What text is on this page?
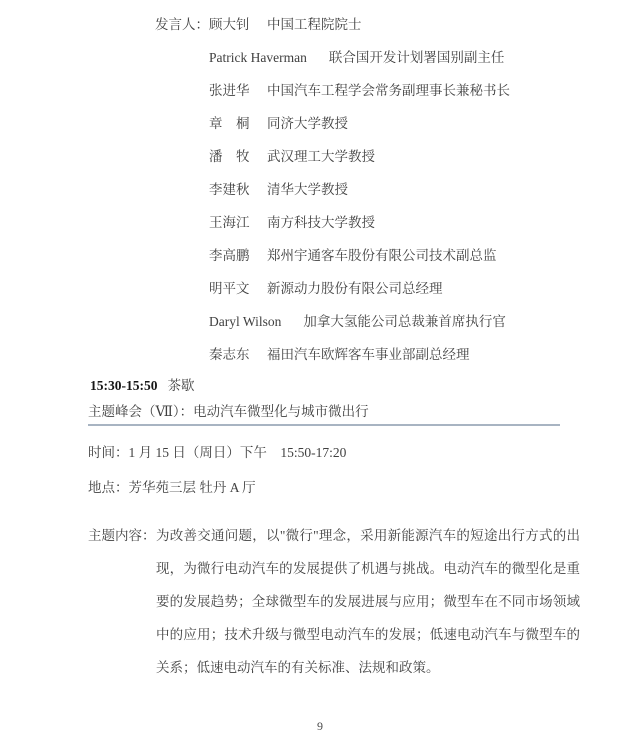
发言人： 顾大钊	中国工程院院士
Patrick Haverman 联合国开发计划署国别副主任
张进华	中国汽车工程学会常务副理事长兼秘书长
章　桐	同济大学教授
潘　牧	武汉理工大学教授
李建秋	清华大学教授
王海江	南方科技大学教授
李高鹏	郑州宇通客车股份有限公司技术副总监
明平文	新源动力股份有限公司总经理
Daryl Wilson 加拿大氢能公司总裁兼首席执行官
秦志东	福田汽车欧辉客车事业部副总经理
15:30-15:50 茶歇
主题峰会（Ⅶ）：电动汽车微型化与城市微出行
时间：1 月 15 日（周日）下午　15:50-17:20
地点：芳华苑三层 牡丹 A 厅
主题内容： 为改善交通问题，以"微行"理念，采用新能源汽车的短途出行方式的出现，为微行电动汽车的发展提供了机遇与挑战。电动汽车的微型化是重要的发展趋势；全球微型车的发展进展与应用；微型车在不同市场领域中的应用；技术升级与微型电动汽车的发展；低速电动汽车与微型车的关系；低速电动汽车的有关标准、法规和政策。
9
